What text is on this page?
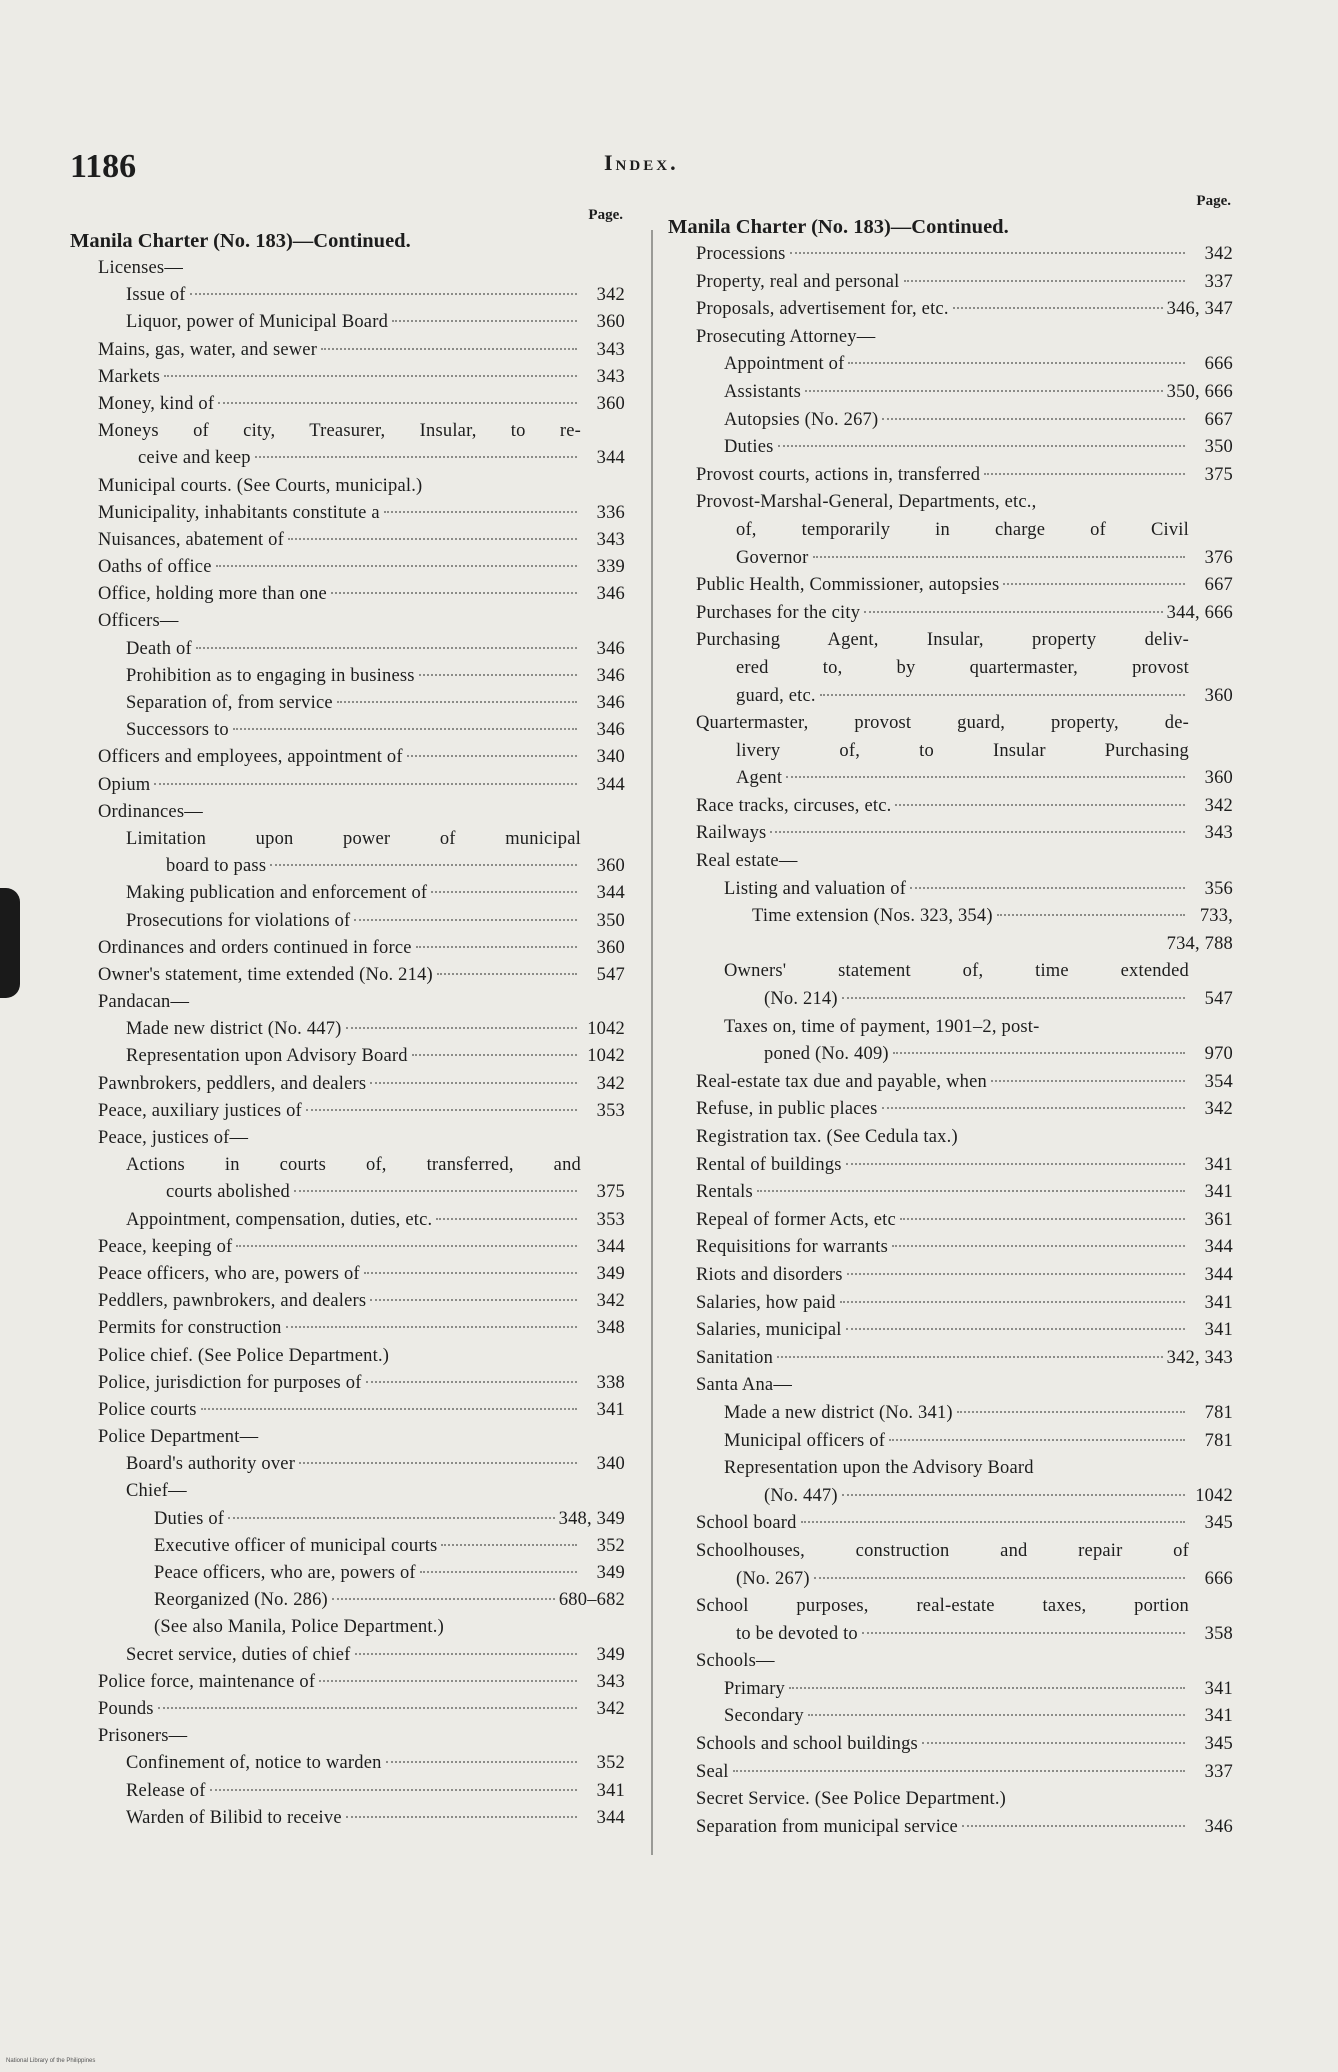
1186	Index.
Page.
Manila Charter (No. 183)—Continued.
Licenses—
Issue of	342
Liquor, power of Municipal Board	360
Mains, gas, water, and sewer	343
Markets	343
Money, kind of	360
Moneys of city, Treasurer, Insular, to re-
ceive and keep	344
Municipal courts. (See Courts, municipal.)
Municipality, inhabitants constitute a	336
Nuisances, abatement of	343
Oaths of office	339
Office, holding more than one	346
Officers—
Death of	346
Prohibition as to engaging in business	346
Separation of, from service	346
Successors to	346
Officers and employees, appointment of	340
Opium	344
Ordinances—
Limitation upon power of municipal
board to pass	360
Making publication and enforcement of	344
Prosecutions for violations of	350
Ordinances and orders continued in force	360
Owner's statement, time extended (No. 214)	547
Pandacan—
Made new district (No. 447)	1042
Representation upon Advisory Board	1042
Pawnbrokers, peddlers, and dealers	342
Peace, auxiliary justices of	353
Peace, justices of—
Actions in courts of, transferred, and
courts abolished	375
Appointment, compensation, duties, etc.	353
Peace, keeping of	344
Peace officers, who are, powers of	349
Peddlers, pawnbrokers, and dealers	342
Permits for construction	348
Police chief. (See Police Department.)
Police, jurisdiction for purposes of	338
Police courts	341
Police Department—
Board's authority over	340
Chief—
Duties of	348, 349
Executive officer of municipal courts	352
Peace officers, who are, powers of	349
Reorganized (No. 286)	680–682
(See also Manila, Police Department.)
Secret service, duties of chief	349
Police force, maintenance of	343
Pounds	342
Prisoners—
Confinement of, notice to warden	352
Release of	341
Warden of Bilibid to receive	344
Page.
Manila Charter (No. 183)—Continued.
Processions	342
Property, real and personal	337
Proposals, advertisement for, etc.	346, 347
Prosecuting Attorney—
Appointment of	666
Assistants	350, 666
Autopsies (No. 267)	667
Duties	350
Provost courts, actions in, transferred	375
Provost-Marshal-General, Departments, etc.,
of, temporarily in charge of Civil
Governor	376
Public Health, Commissioner, autopsies	667
Purchases for the city	344, 666
Purchasing Agent, Insular, property deliv-
ered to, by quartermaster, provost
guard, etc.	360
Quartermaster, provost guard, property, de-
livery of, to Insular Purchasing
Agent	360
Race tracks, circuses, etc.	342
Railways	343
Real estate—
Listing and valuation of	356
Time extension (Nos. 323, 354)	733,
734, 788
Owners' statement of, time extended
(No. 214)	547
Taxes on, time of payment, 1901–2, post-
poned (No. 409)	970
Real-estate tax due and payable, when	354
Refuse, in public places	342
Registration tax. (See Cedula tax.)
Rental of buildings	341
Rentals	341
Repeal of former Acts, etc	361
Requisitions for warrants	344
Riots and disorders	344
Salaries, how paid	341
Salaries, municipal	341
Sanitation	342, 343
Santa Ana—
Made a new district (No. 341)	781
Municipal officers of	781
Representation upon the Advisory Board
(No. 447)	1042
School board	345
Schoolhouses, construction and repair of
(No. 267)	666
School purposes, real-estate taxes, portion
to be devoted to	358
Schools—
Primary	341
Secondary	341
Schools and school buildings	345
Seal	337
Secret Service. (See Police Department.)
Separation from municipal service	346
National Library of the Philippines
